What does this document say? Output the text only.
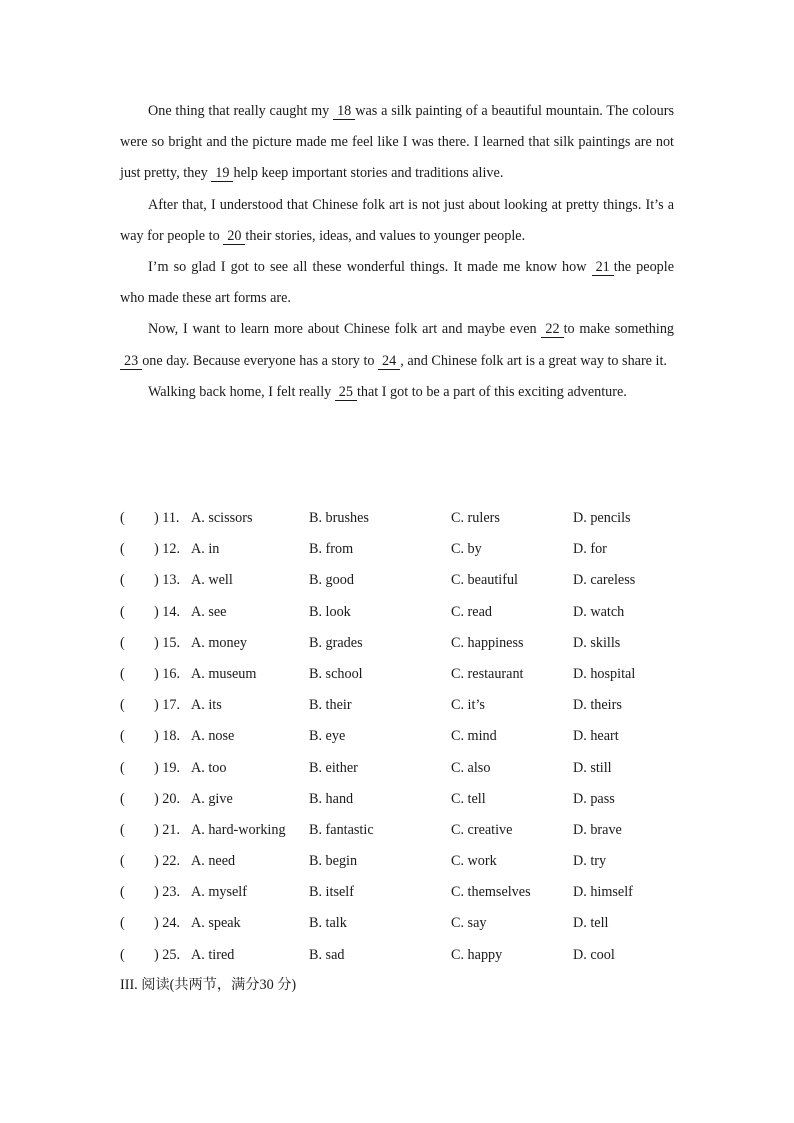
One thing that really caught my 18was a silk painting of a beautiful mountain. The colours were so bright and the picture made me feel like I was there. I learned that silk paintings are not just pretty, they 19help keep important stories and traditions alive.

After that, I understood that Chinese folk art is not just about looking at pretty things. It’s a way for people to 20their stories, ideas, and values to younger people.

I’m so glad I got to see all these wonderful things. It made me know how 21the people who made these art forms are.

Now, I want to learn more about Chinese folk art and maybe even 22to make something 23one day. Because everyone has a story to 24, and Chinese folk art is a great way to share it.

Walking back home, I felt really 25that I got to be a part of this exciting adventure.

( ) 11. A. scissors	B. brushes	C. rulers	D. pencils
( ) 12. A. in	B. from	C. by	D. for
( ) 13. A. well	B. good	C. beautiful	D. careless
( ) 14. A. see	B. look	C. read	D. watch
( ) 15. A. money	B. grades	C. happiness	D. skills
( ) 16. A. museum	B. school	C. restaurant	D. hospital
( ) 17. A. its	B. their	C. it’s	D. theirs
( ) 18. A. nose	B. eye	C. mind	D. heart
( ) 19. A. too	B. either	C. also	D. still
( ) 20. A. give	B. hand	C. tell	D. pass
( ) 21. A. hard-working B. fantastic	C. creative	D. brave
( ) 22. A. need	B. begin	C. work	D. try
( ) 23. A. myself	B. itself	C. themselves	D. himself
( ) 24. A. speak	B. talk	C. say	D. tell
( ) 25. A. tired	B. sad	C. happy	D. cool
III. 阅读(共两节，满分30 分)
